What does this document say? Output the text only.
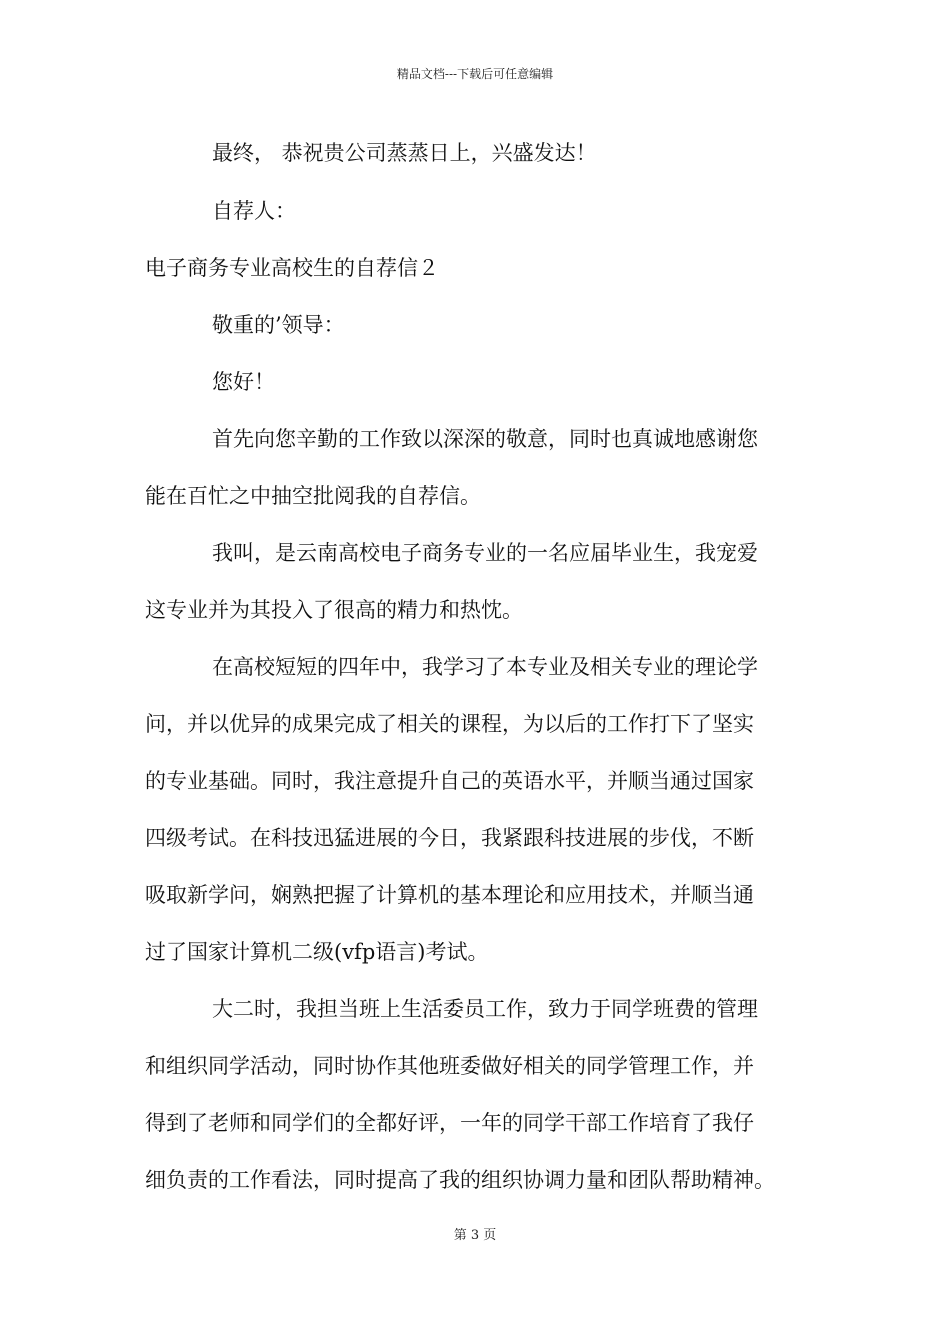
精品文档---下载后可任意编辑
最终， 恭祝贵公司蒸蒸日上，兴盛发达！
自荐人：
电子商务专业高校生的自荐信２
敬重的’领导：
您好！
首先向您辛勤的工作致以深深的敬意，同时也真诚地感谢您
能在百忙之中抽空批阅我的自荐信。
我叫，是云南高校电子商务专业的一名应届毕业生，我宠爱
这专业并为其投入了很高的精力和热忱。
在高校短短的四年中，我学习了本专业及相关专业的理论学
问，并以优异的成果完成了相关的课程，为以后的工作打下了坚实
的专业基础。同时，我注意提升自己的英语水平，并顺当通过国家
四级考试。在科技迅猛进展的今日，我紧跟科技进展的步伐，不断
吸取新学问，娴熟把握了计算机的基本理论和应用技术，并顺当通
过了国家计算机二级(vfp语言)考试。
大二时，我担当班上生活委员工作，致力于同学班费的管理
和组织同学活动，同时协作其他班委做好相关的同学管理工作，并
得到了老师和同学们的全都好评，一年的同学干部工作培育了我仔
细负责的工作看法，同时提高了我的组织协调力量和团队帮助精神。
第 3 页
